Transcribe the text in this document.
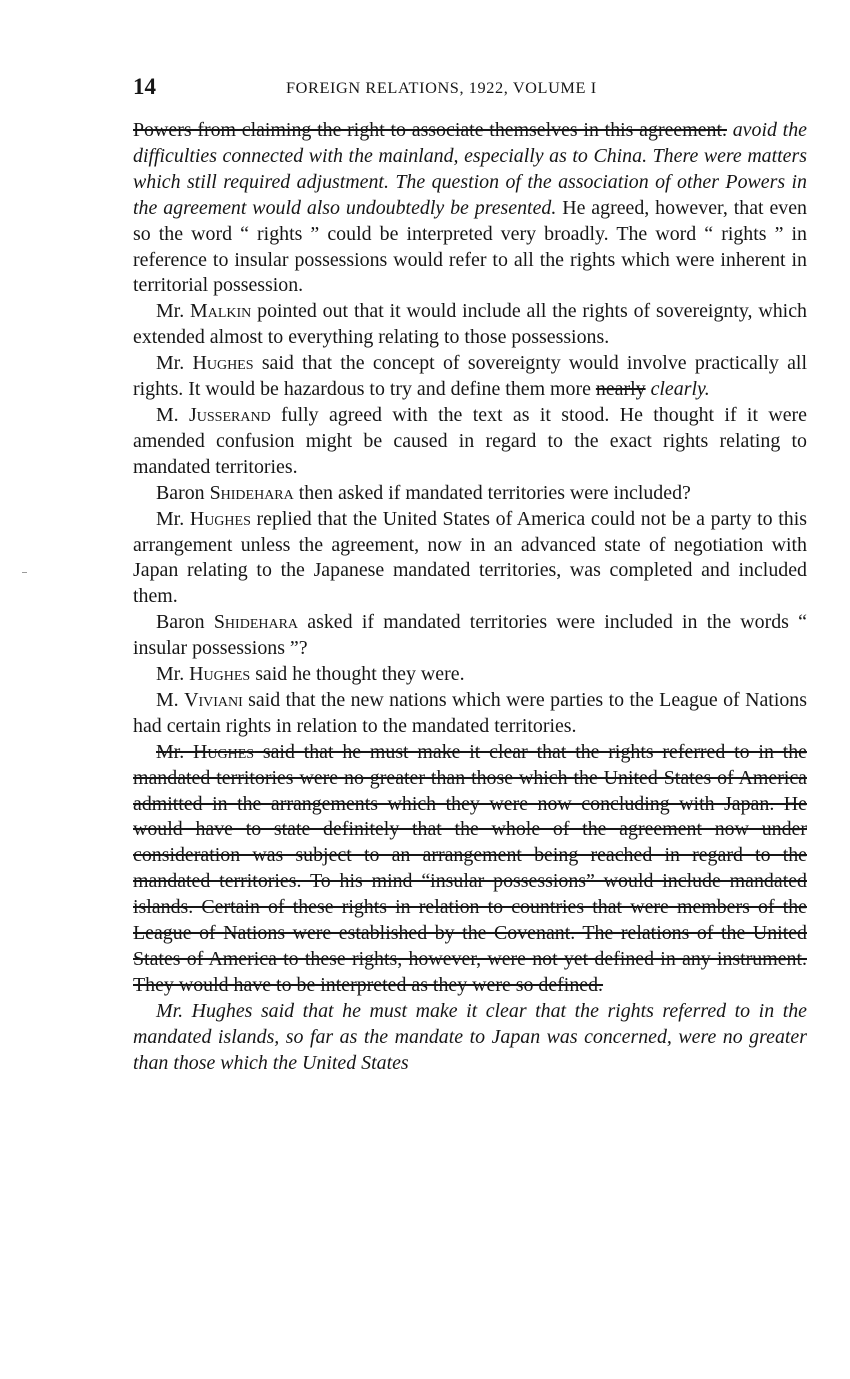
14	FOREIGN RELATIONS, 1922, VOLUME I

Powers from claiming the right to associate themselves in this agreement. avoid the difficulties connected with the mainland, especially as to China. There were matters which still required adjustment. The question of the association of other Powers in the agreement would also undoubtedly be presented. He agreed, however, that even so the word “ rights ” could be interpreted very broadly. The word “ rights ” in reference to insular possessions would refer to all the rights which were inherent in territorial possession.

Mr. Malkin pointed out that it would include all the rights of sovereignty, which extended almost to everything relating to those possessions.

Mr. Hughes said that the concept of sovereignty would involve practically all rights. It would be hazardous to try and define them more nearly clearly.

M. Jusserand fully agreed with the text as it stood. He thought if it were amended confusion might be caused in regard to the exact rights relating to mandated territories.

Baron Shidehara then asked if mandated territories were included?

Mr. Hughes replied that the United States of America could not be a party to this arrangement unless the agreement, now in an advanced state of negotiation with Japan relating to the Japanese mandated territories, was completed and included them.

Baron Shidehara asked if mandated territories were included in the words “ insular possessions ”?

Mr. Hughes said he thought they were.

M. Viviani said that the new nations which were parties to the League of Nations had certain rights in relation to the mandated territories.

Mr. Hughes said that he must make it clear that the rights referred to in the mandated territories were no greater than those which the United States of America admitted in the arrangements which they were now concluding with Japan. He would have to state definitely that the whole of the agreement now under consideration was subject to an arrangement being reached in regard to the mandated territories. To his mind “insular possessions” would include mandated islands. Certain of these rights in relation to countries that were members of the League of Nations were established by the Covenant. The relations of the United States of America to these rights, however, were not yet defined in any instrument. They would have to be interpreted as they were so defined.

Mr. Hughes said that he must make it clear that the rights referred to in the mandated islands, so far as the mandate to Japan was concerned, were no greater than those which the United States
